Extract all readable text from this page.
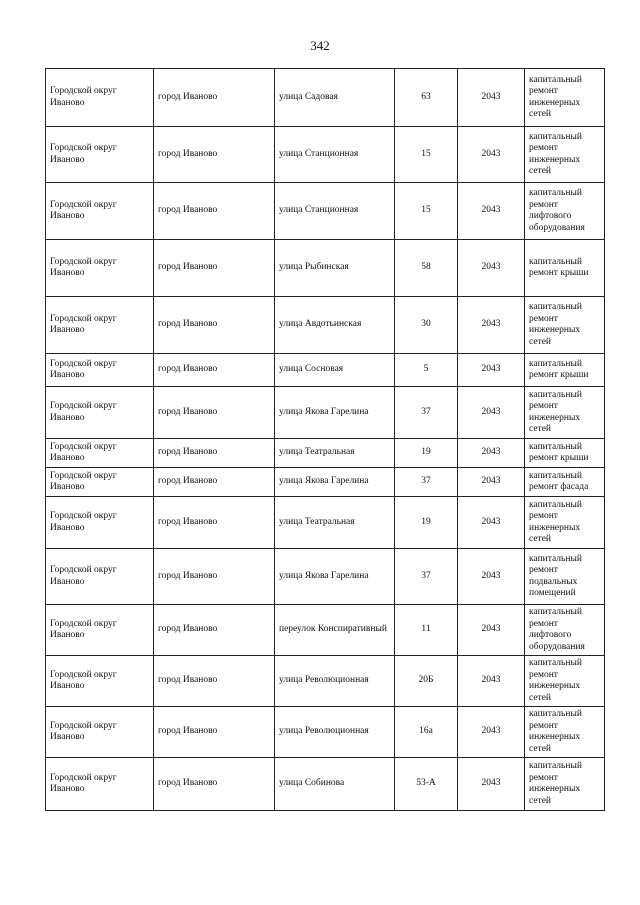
342
Городской округ Иваново	город Иваново	улица Садовая	63	2043	капитальный ремонт инженерных сетей
Городской округ Иваново	город Иваново	улица Станционная	15	2043	капитальный ремонт инженерных сетей
Городской округ Иваново	город Иваново	улица Станционная	15	2043	капитальный ремонт лифтового оборудования
Городской округ Иваново	город Иваново	улица Рыбинская	58	2043	капитальный ремонт крыши
Городской округ Иваново	город Иваново	улица Авдотьинская	30	2043	капитальный ремонт инженерных сетей
Городской округ Иваново	город Иваново	улица Сосновая	5	2043	капитальный ремонт крыши
Городской округ Иваново	город Иваново	улица Якова Гарелина	37	2043	капитальный ремонт инженерных сетей
Городской округ Иваново	город Иваново	улица Театральная	19	2043	капитальный ремонт крыши
Городской округ Иваново	город Иваново	улица Якова Гарелина	37	2043	капитальный ремонт фасада
Городской округ Иваново	город Иваново	улица Театральная	19	2043	капитальный ремонт инженерных сетей
Городской округ Иваново	город Иваново	улица Якова Гарелина	37	2043	капитальный ремонт подвальных помещений
Городской округ Иваново	город Иваново	переулок Конспиративный	11	2043	капитальный ремонт лифтового оборудования
Городской округ Иваново	город Иваново	улица Революционная	20Б	2043	капитальный ремонт инженерных сетей
Городской округ Иваново	город Иваново	улица Революционная	16а	2043	капитальный ремонт инженерных сетей
Городской округ Иваново	город Иваново	улица Собинова	53-А	2043	капитальный ремонт инженерных сетей
